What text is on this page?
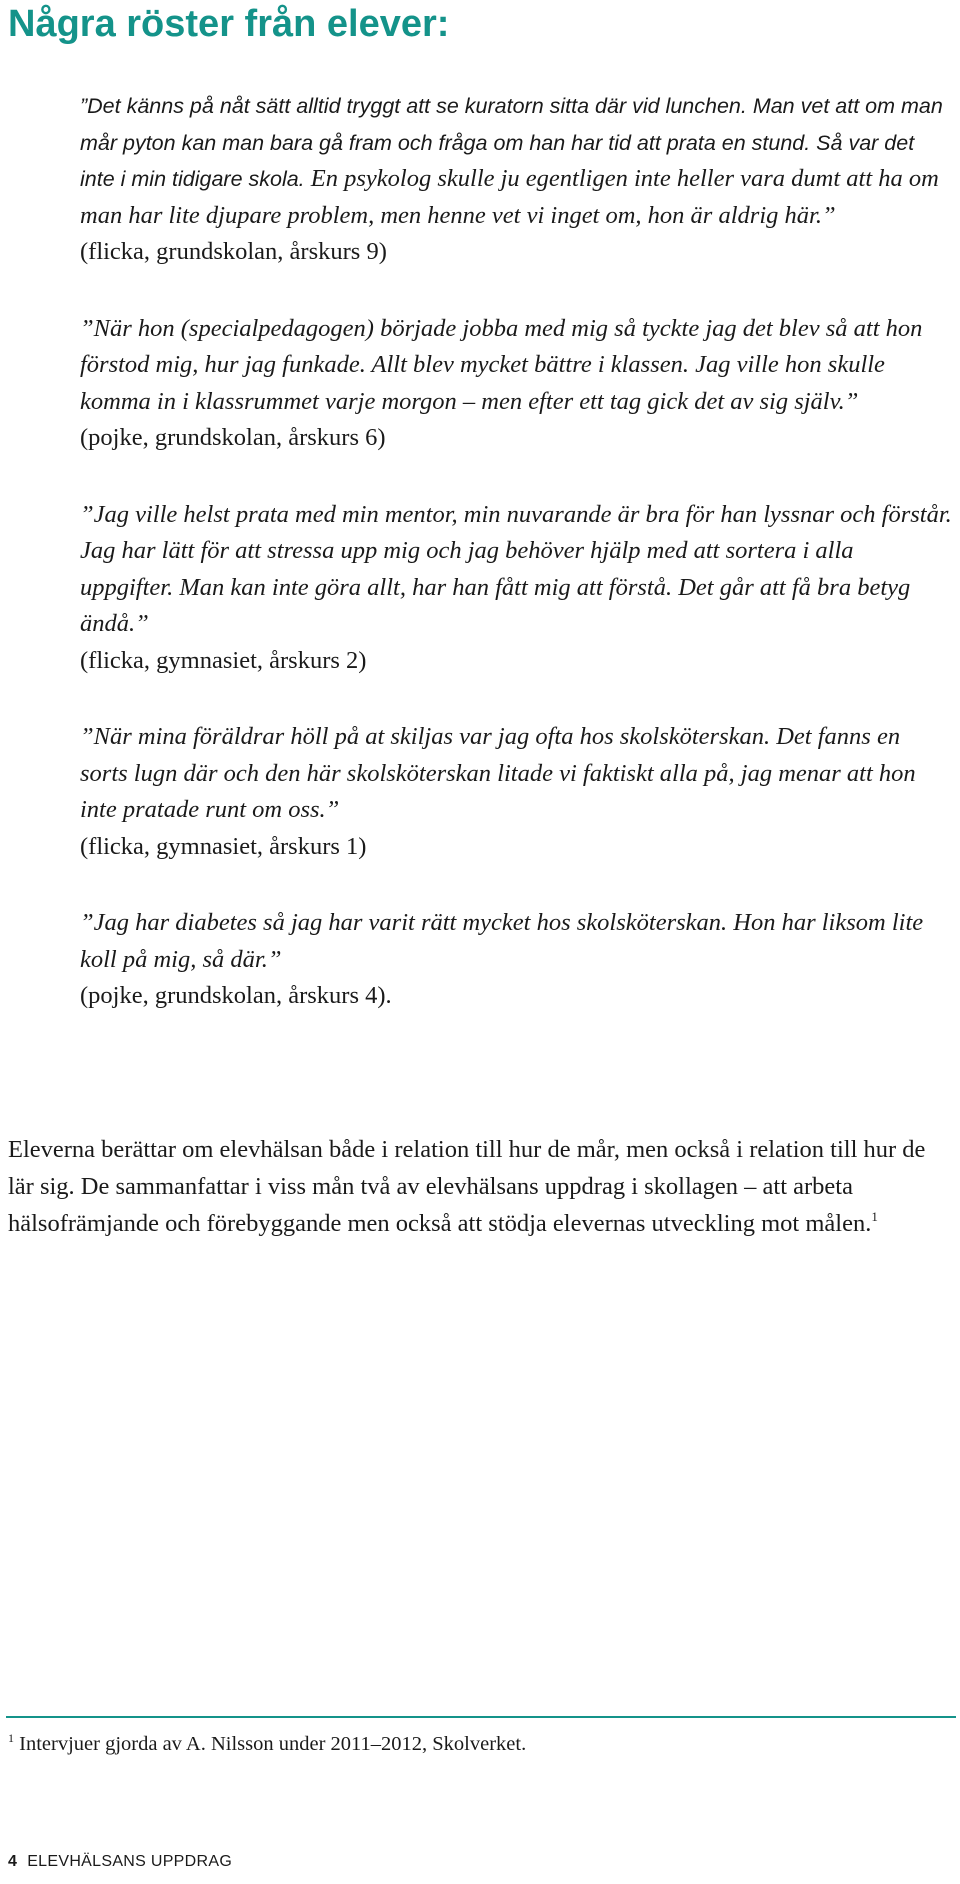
Några röster från elever:

”Det känns på nåt sätt alltid tryggt att se kuratorn sitta där vid lunchen. Man vet att om man mår pyton kan man bara gå fram och fråga om han har tid att prata en stund. Så var det inte i min tidigare skola. En psykolog skulle ju egentligen inte heller vara dumt att ha om man har lite djupare problem, men henne vet vi inget om, hon är aldrig här.”

(flicka, grundskolan, årskurs 9)

”När hon (specialpedagogen) började jobba med mig så tyckte jag det blev så att hon förstod mig, hur jag funkade. Allt blev mycket bättre i klassen. Jag ville hon skulle komma in i klassrummet varje morgon – men efter ett tag gick det av sig själv.”

(pojke, grundskolan, årskurs 6)

”Jag ville helst prata med min mentor, min nuvarande är bra för han lyssnar och förstår. Jag har lätt för att stressa upp mig och jag behöver hjälp med att sortera i alla uppgifter. Man kan inte göra allt, har han fått mig att förstå. Det går att få bra betyg ändå.”

(flicka, gymnasiet, årskurs 2)

”När mina föräldrar höll på at skiljas var jag ofta hos skolsköterskan. Det fanns en sorts lugn där och den här skolsköterskan litade vi faktiskt alla på, jag menar att hon inte pratade runt om oss.”

(flicka, gymnasiet, årskurs 1)

”Jag har diabetes så jag har varit rätt mycket hos skolsköterskan. Hon har liksom lite koll på mig, så där.”

(pojke, grundskolan, årskurs 4).

Eleverna berättar om elevhälsan både i relation till hur de mår, men också i relation till hur de lär sig. De sammanfattar i viss mån två av elevhälsans uppdrag i skollagen – att arbeta hälsofrämjande och förebyggande men också att stödja elevernas utveckling mot målen.$^1$

$^1$ Intervjuer gjorda av A. Nilsson under 2011–2012, Skolverket.

4 ELEVHÄLSANS UPPDRAG
